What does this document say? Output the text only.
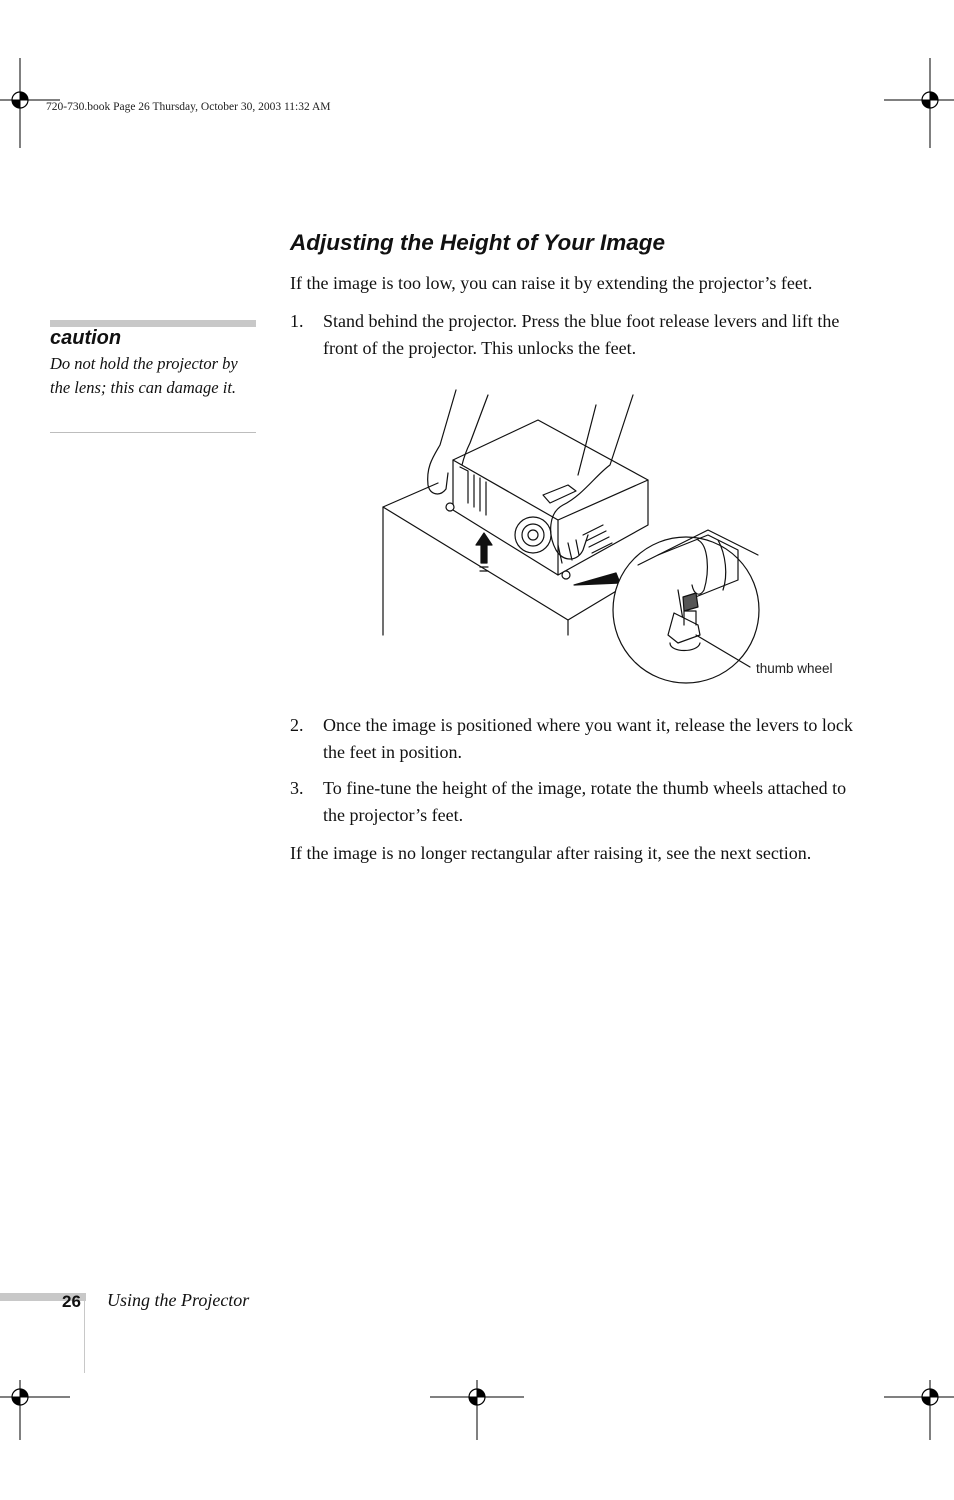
720-730.book Page 26 Thursday, October 30, 2003 11:32 AM
caution
Do not hold the projector by the lens; this can damage it.
Adjusting the Height of Your Image
If the image is too low, you can raise it by extending the projector’s feet.
1.	Stand behind the projector. Press the blue foot release levers and lift the front of the projector. This unlocks the feet.
thumb wheel
2.	Once the image is positioned where you want it, release the levers to lock the feet in position.
3.	To fine-tune the height of the image, rotate the thumb wheels attached to the projector’s feet.
If the image is no longer rectangular after raising it, see the next section.
26 Using the Projector
